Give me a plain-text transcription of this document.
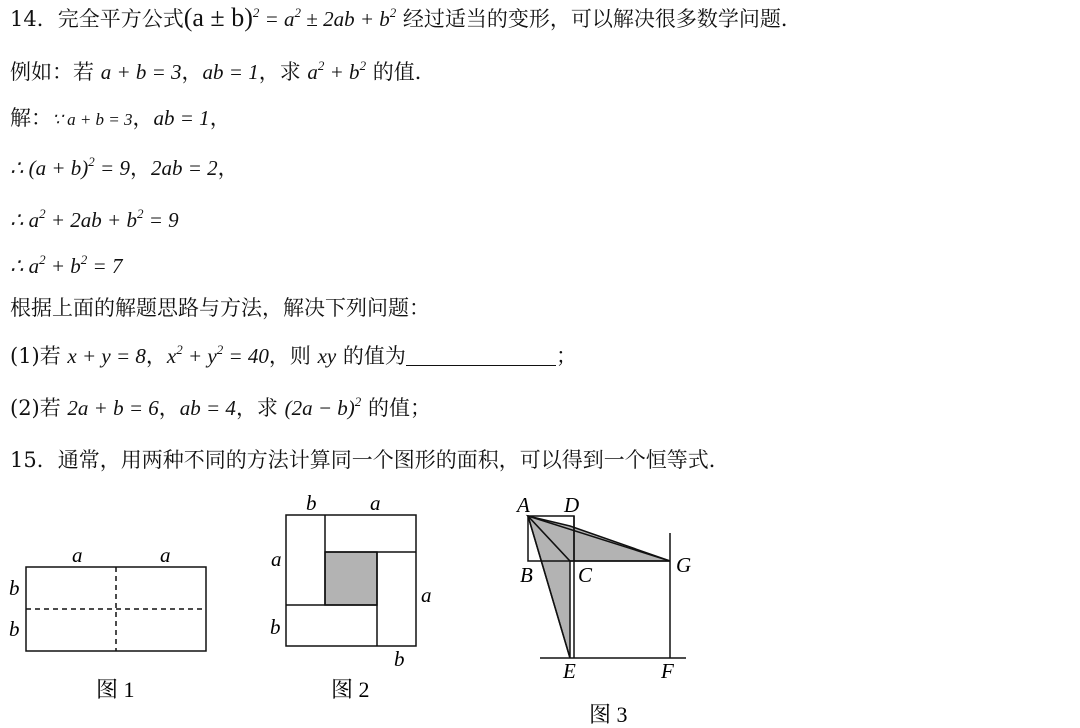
14．完全平方公式$(a \pm b)^2 = a^2 \pm 2ab + b^2$ 经过适当的变形，可以解决很多数学问题．
例如：若 a + b = 3，ab = 1，求 $a^2 + b^2$ 的值．
解：∵ a + b = 3，ab = 1，
∴ $(a + b)^2 = 9$，2ab = 2，
∴ $a^2 + 2ab + b^2 = 9$
∴ $a^2 + b^2 = 7$
根据上面的解题思路与方法，解决下列问题：
(1)若 x + y = 8，$x^2 + y^2 = 40$，则 xy 的值为	；
(2)若 2a + b = 6，ab = 4，求 $(2a - b)^2$ 的值；
15．通常，用两种不同的方法计算同一个图形的面积，可以得到一个恒等式．
a	a
b
b
图 1
b	a
a
a
b
b
图 2
A D
B C	G
E	F
图 3
